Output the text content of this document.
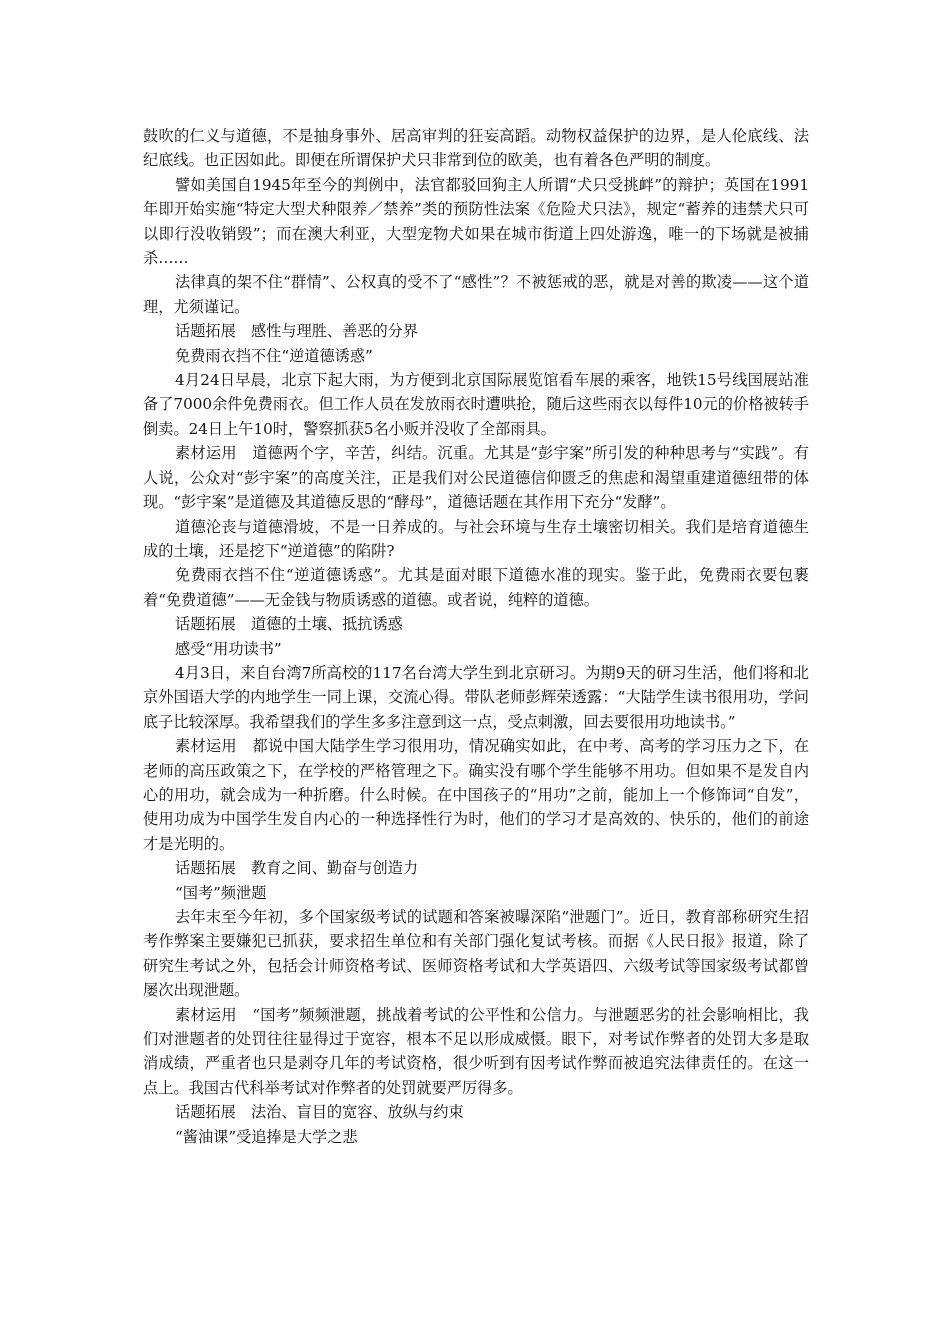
鼓吹的仁义与道德，不是抽身事外、居高审判的狂妄高蹈。动物权益保护的边界，是人伦底线、法纪底线。也正因如此。即便在所谓保护犬只非常到位的欧美，也有着各色严明的制度。

譬如美国自1945年至今的判例中，法官都驳回狗主人所谓“犬只受挑衅”的辩护；英国在1991年即开始实施“特定大型犬种限养／禁养”类的预防性法案《危险犬只法》，规定“蓄养的违禁犬只可以即行没收销毁”；而在澳大利亚，大型宠物犬如果在城市街道上四处游逸，唯一的下场就是被捕杀……

法律真的架不住“群情”、公权真的受不了“感性”？不被惩戒的恶，就是对善的欺凌——这个道理，尤须谨记。

话题拓展　感性与理胜、善恶的分界

免费雨衣挡不住“逆道德诱惑”

4月24日早晨，北京下起大雨，为方便到北京国际展览馆看车展的乘客，地铁15号线国展站准备了7000余件免费雨衣。但工作人员在发放雨衣时遭哄抢，随后这些雨衣以每件10元的价格被转手倒卖。24日上午10时，警察抓获5名小贩并没收了全部雨具。

素材运用　道德两个字，辛苦，纠结。沉重。尤其是“彭宇案”所引发的种种思考与“实践”。有人说，公众对“彭宇案”的高度关注，正是我们对公民道德信仰匮乏的焦虑和渴望重建道德纽带的体现。“彭宇案”是道德及其道德反思的“酵母”，道德话题在其作用下充分“发酵”。

道德沦丧与道德滑坡，不是一日养成的。与社会环境与生存土壤密切相关。我们是培育道德生成的土壤，还是挖下“逆道德”的陷阱?

免费雨衣挡不住“逆道德诱惑”。尤其是面对眼下道德水准的现实。鉴于此，免费雨衣要包裹着“免费道德”——无金钱与物质诱惑的道德。或者说，纯粹的道德。

话题拓展　道德的土壤、抵抗诱惑

感受“用功读书”

4月3日，来自台湾7所高校的117名台湾大学生到北京研习。为期9天的研习生活，他们将和北京外国语大学的内地学生一同上课，交流心得。带队老师彭辉荣透露：“大陆学生读书很用功，学问底子比较深厚。我希望我们的学生多多注意到这一点，受点刺激，回去要很用功地读书。”

素材运用　都说中国大陆学生学习很用功，情况确实如此，在中考、高考的学习压力之下，在老师的高压政策之下，在学校的严格管理之下。确实没有哪个学生能够不用功。但如果不是发自内心的用功，就会成为一种折磨。什么时候。在中国孩子的“用功”之前，能加上一个修饰词“自发”，使用功成为中国学生发自内心的一种选择性行为时，他们的学习才是高效的、快乐的，他们的前途才是光明的。

话题拓展　教育之间、勤奋与创造力

“国考”频泄题

去年末至今年初，多个国家级考试的试题和答案被曝深陷“泄题门”。近日，教育部称研究生招考作弊案主要嫌犯已抓获，要求招生单位和有关部门强化复试考核。而据《人民日报》报道，除了研究生考试之外，包括会计师资格考试、医师资格考试和大学英语四、六级考试等国家级考试都曾屡次出现泄题。

素材运用　“国考”频频泄题，挑战着考试的公平性和公信力。与泄题恶劣的社会影响相比，我们对泄题者的处罚往往显得过于宽容，根本不足以形成威慑。眼下，对考试作弊者的处罚大多是取消成绩，严重者也只是剥夺几年的考试资格，很少听到有因考试作弊而被追究法律责任的。在这一点上。我国古代科举考试对作弊者的处罚就要严厉得多。

话题拓展　法治、盲目的宽容、放纵与约束

“酱油课”受追捧是大学之悲
